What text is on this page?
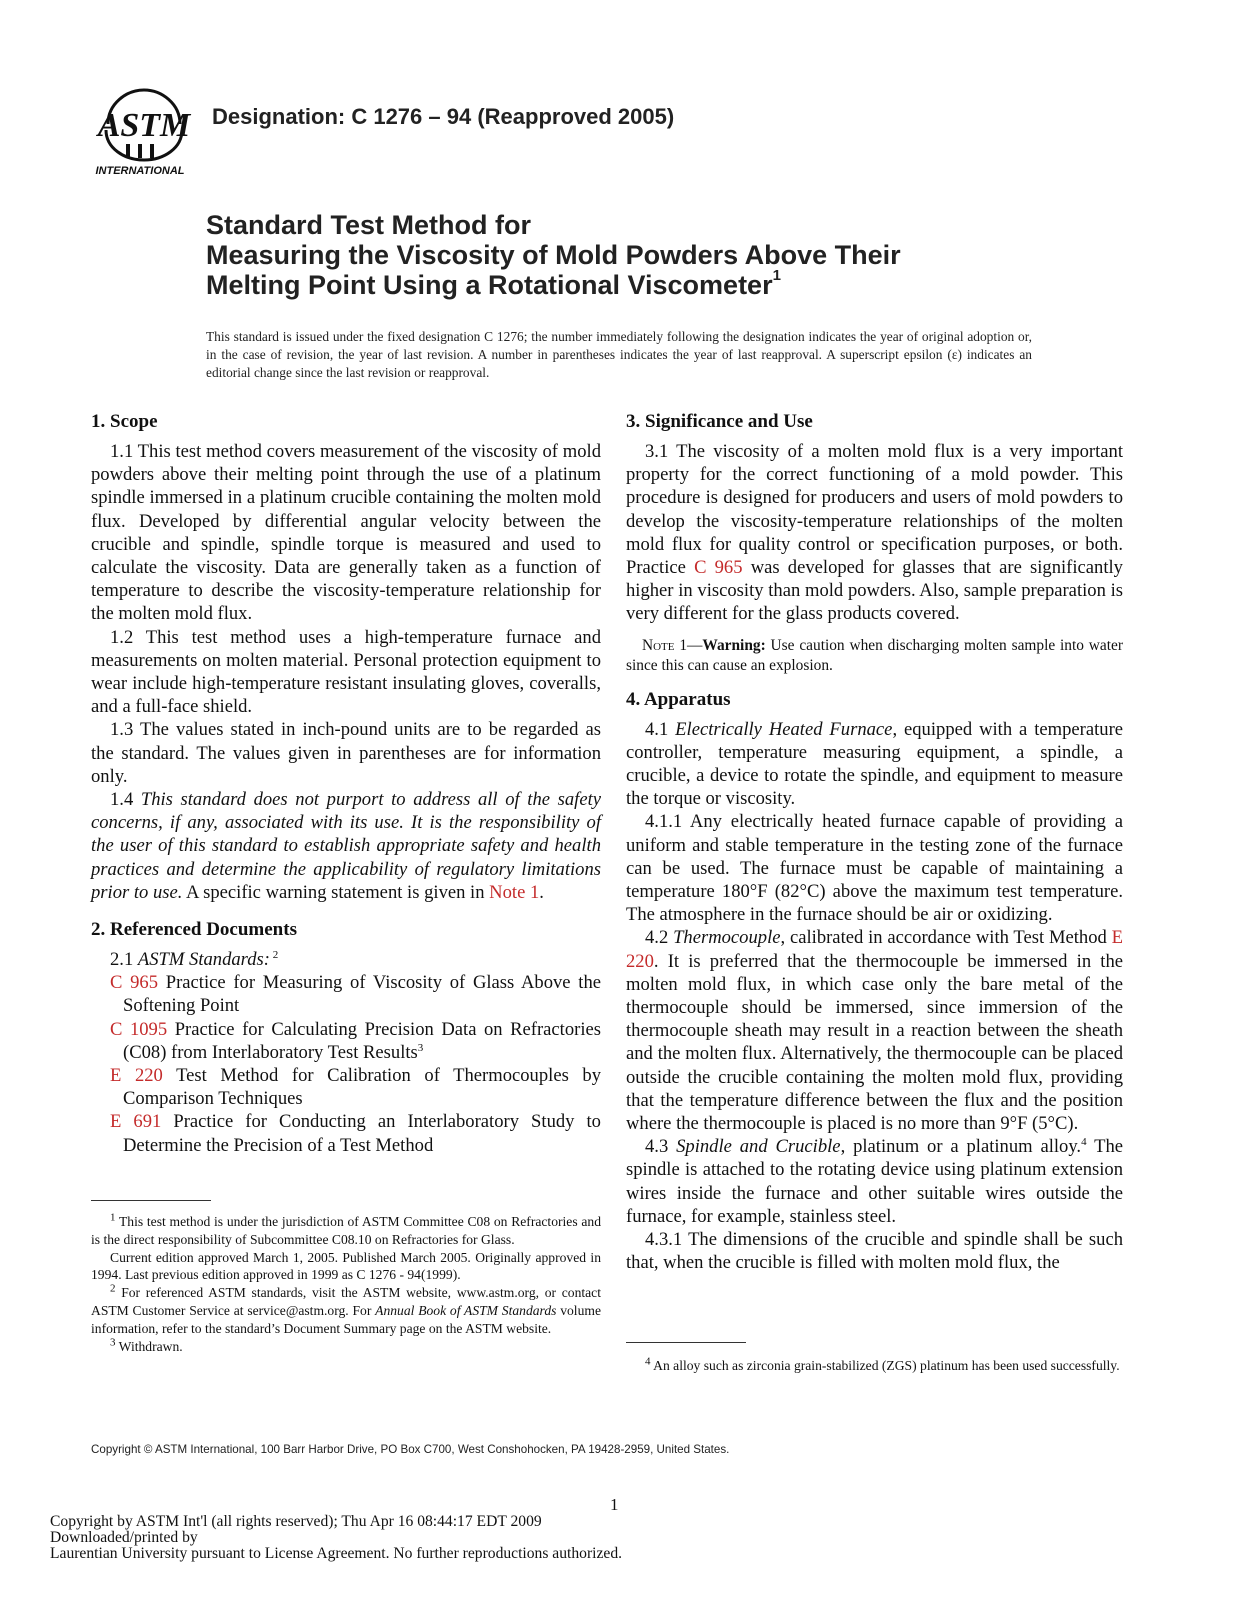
ASTM
INTERNATIONAL
Designation: C 1276 – 94 (Reapproved 2005)
Standard Test Method for
Measuring the Viscosity of Mold Powders Above Their
Melting Point Using a Rotational Viscometer$^1$
This standard is issued under the fixed designation C 1276; the number immediately following the designation indicates the year of original adoption or, in the case of revision, the year of last revision. A number in parentheses indicates the year of last reapproval. A superscript epsilon (ε) indicates an editorial change since the last revision or reapproval.
1. Scope

1.1 This test method covers measurement of the viscosity of mold powders above their melting point through the use of a platinum spindle immersed in a platinum crucible containing the molten mold flux. Developed by differential angular velocity between the crucible and spindle, spindle torque is measured and used to calculate the viscosity. Data are generally taken as a function of temperature to describe the viscosity-temperature relationship for the molten mold flux.

1.2 This test method uses a high-temperature furnace and measurements on molten material. Personal protection equipment to wear include high-temperature resistant insulating gloves, coveralls, and a full-face shield.

1.3 The values stated in inch-pound units are to be regarded as the standard. The values given in parentheses are for information only.

1.4 This standard does not purport to address all of the safety concerns, if any, associated with its use. It is the responsibility of the user of this standard to establish appropriate safety and health practices and determine the applicability of regulatory limitations prior to use. A specific warning statement is given in Note 1.

2. Referenced Documents

2.1 ASTM Standards: $^2$

C 965 Practice for Measuring of Viscosity of Glass Above the Softening Point

C 1095 Practice for Calculating Precision Data on Refractories (C08) from Interlaboratory Test Results$^3$

E 220 Test Method for Calibration of Thermocouples by Comparison Techniques

E 691 Practice for Conducting an Interlaboratory Study to Determine the Precision of a Test Method

$^1$ This test method is under the jurisdiction of ASTM Committee C08 on Refractories and is the direct responsibility of Subcommittee C08.10 on Refractories for Glass.

Current edition approved March 1, 2005. Published March 2005. Originally approved in 1994. Last previous edition approved in 1999 as C 1276 - 94(1999).

$^2$ For referenced ASTM standards, visit the ASTM website, www.astm.org, or contact ASTM Customer Service at service@astm.org. For Annual Book of ASTM Standards volume information, refer to the standard’s Document Summary page on the ASTM website.

$^3$ Withdrawn.

3. Significance and Use

3.1 The viscosity of a molten mold flux is a very important property for the correct functioning of a mold powder. This procedure is designed for producers and users of mold powders to develop the viscosity-temperature relationships of the molten mold flux for quality control or specification purposes, or both. Practice C 965 was developed for glasses that are significantly higher in viscosity than mold powders. Also, sample preparation is very different for the glass products covered.

Note 1—Warning: Use caution when discharging molten sample into water since this can cause an explosion.

4. Apparatus

4.1 Electrically Heated Furnace, equipped with a temperature controller, temperature measuring equipment, a spindle, a crucible, a device to rotate the spindle, and equipment to measure the torque or viscosity.

4.1.1 Any electrically heated furnace capable of providing a uniform and stable temperature in the testing zone of the furnace can be used. The furnace must be capable of maintaining a temperature 180°F (82°C) above the maximum test temperature. The atmosphere in the furnace should be air or oxidizing.

4.2 Thermocouple, calibrated in accordance with Test Method E 220. It is preferred that the thermocouple be immersed in the molten mold flux, in which case only the bare metal of the thermocouple should be immersed, since immersion of the thermocouple sheath may result in a reaction between the sheath and the molten flux. Alternatively, the thermocouple can be placed outside the crucible containing the molten mold flux, providing that the temperature difference between the flux and the position where the thermocouple is placed is no more than 9°F (5°C).

4.3 Spindle and Crucible, platinum or a platinum alloy.$^4$ The spindle is attached to the rotating device using platinum extension wires inside the furnace and other suitable wires outside the furnace, for example, stainless steel.

4.3.1 The dimensions of the crucible and spindle shall be such that, when the crucible is filled with molten mold flux, the

$^4$ An alloy such as zirconia grain-stabilized (ZGS) platinum has been used successfully.

Copyright © ASTM International, 100 Barr Harbor Drive, PO Box C700, West Conshohocken, PA 19428-2959, United States.
1
Copyright by ASTM Int'l (all rights reserved); Thu Apr 16 08:44:17 EDT 2009
Downloaded/printed by
Laurentian University pursuant to License Agreement. No further reproductions authorized.
